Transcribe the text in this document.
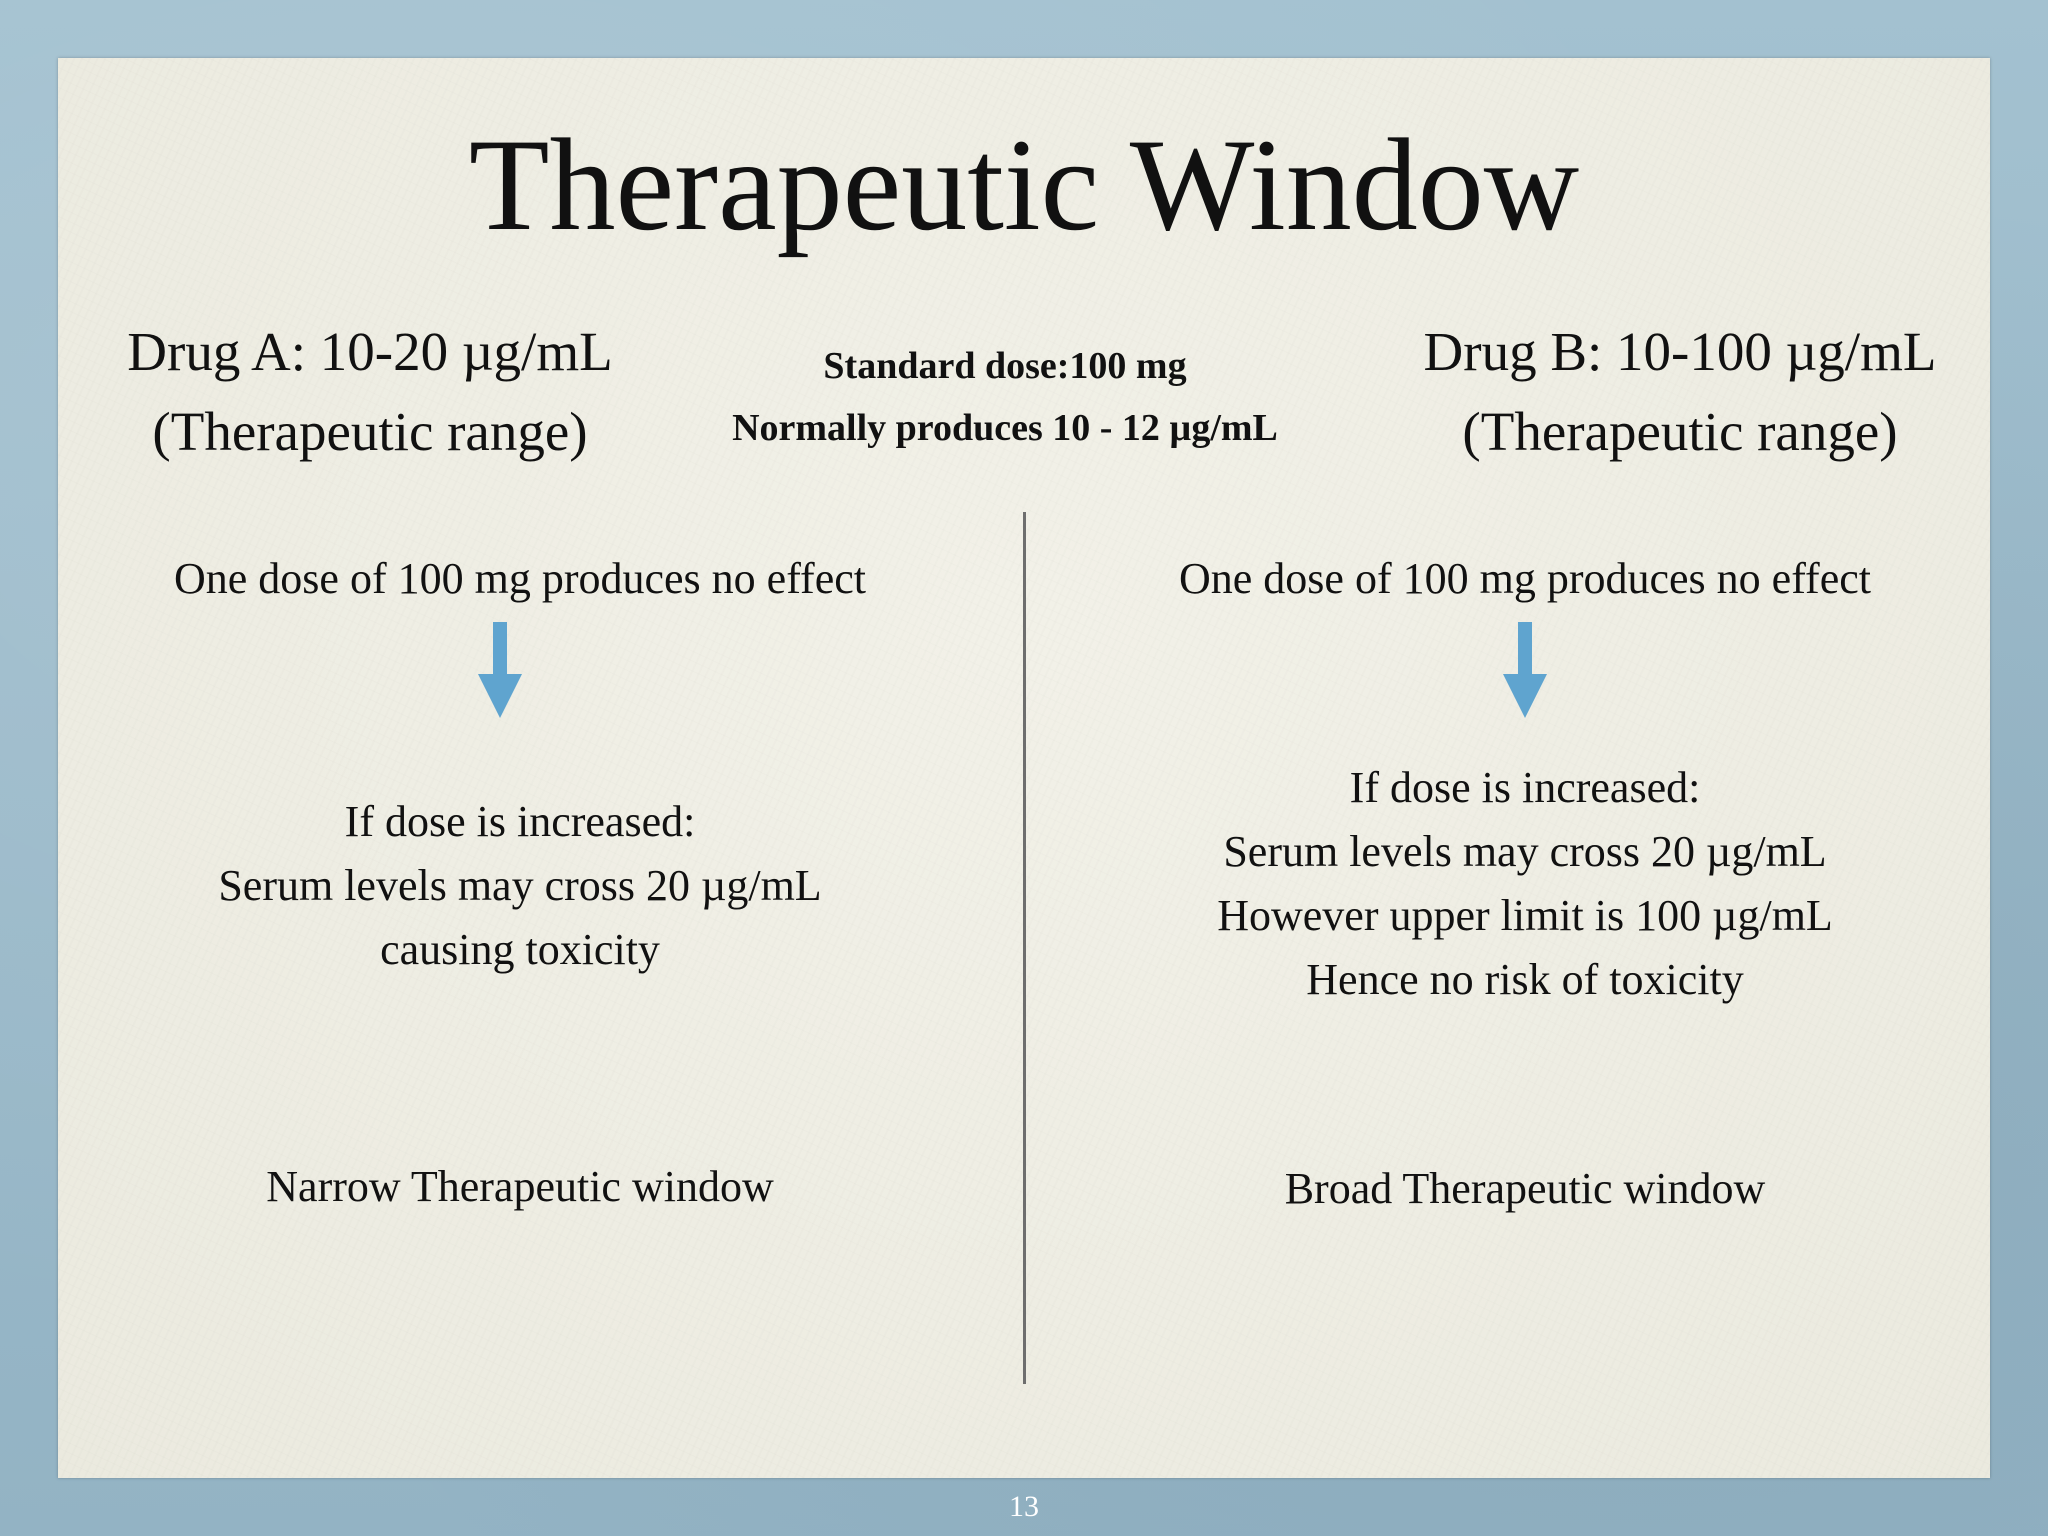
Therapeutic Window
Drug A: 10-20 µg/mL
(Therapeutic range)
Standard dose:100 mg
Normally produces 10 - 12 µg/mL
Drug B: 10-100 µg/mL
(Therapeutic range)
One dose of 100 mg produces no effect
If dose is increased:
Serum levels may cross 20 µg/mL
causing toxicity
Narrow Therapeutic window
One dose of 100 mg produces no effect
If dose is increased:
Serum levels may cross 20 µg/mL
However upper limit is 100 µg/mL
Hence no risk of toxicity
Broad Therapeutic window
13
